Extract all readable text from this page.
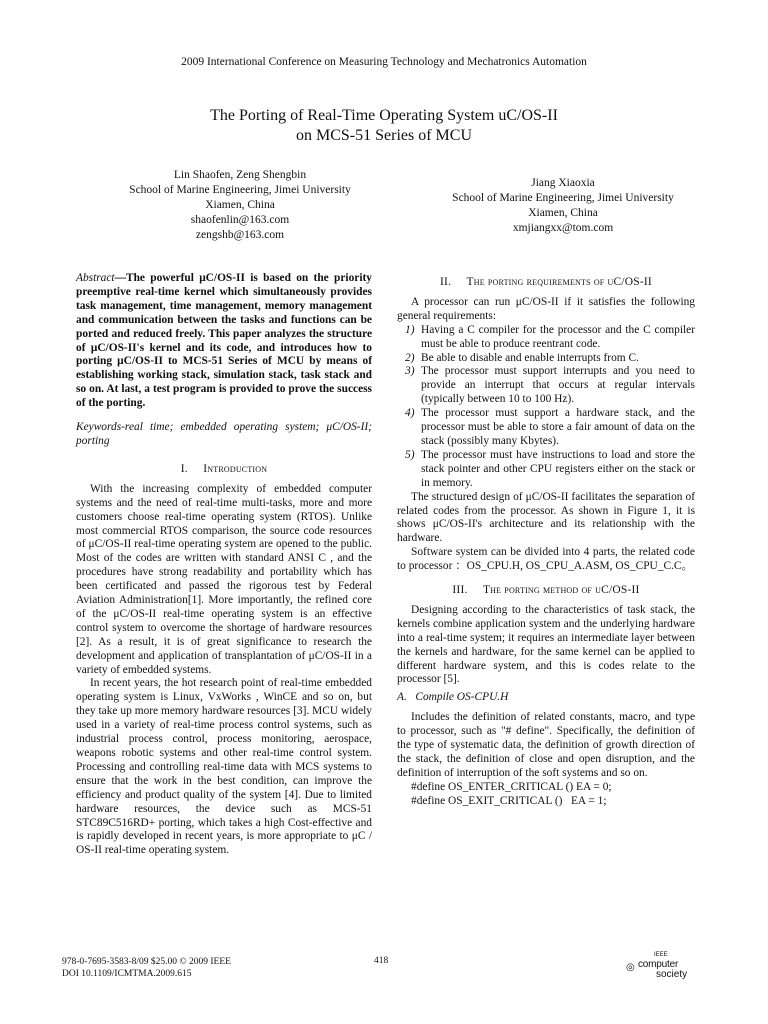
2009 International Conference on Measuring Technology and Mechatronics Automation
The Porting of Real-Time Operating System uC/OS-II
on MCS-51 Series of MCU
Lin Shaofen, Zeng Shengbin
School of Marine Engineering, Jimei University
Xiamen, China
shaofenlin@163.com
zengshb@163.com
Jiang Xiaoxia
School of Marine Engineering, Jimei University
Xiamen, China
xmjiangxx@tom.com

Abstract—The powerful μC/OS-II is based on the priority preemptive real-time kernel which simultaneously provides task management, time management, memory management and communication between the tasks and functions can be ported and reduced freely. This paper analyzes the structure of μC/OS-II's kernel and its code, and introduces how to porting μC/OS-II to MCS-51 Series of MCU by means of establishing working stack, simulation stack, task stack and so on. At last, a test program is provided to prove the success of the porting.

Keywords-real time; embedded operating system; μC/OS-II; porting

I. Introduction

With the increasing complexity of embedded computer systems and the need of real-time multi-tasks, more and more customers choose real-time operating system (RTOS). Unlike most commercial RTOS comparison, the source code resources of μC/OS-II real-time operating system are opened to the public. Most of the codes are written with standard ANSI C , and the procedures have strong readability and portability which has been certificated and passed the rigorous test by Federal Aviation Administration[1]. More importantly, the refined core of the μC/OS-II real-time operating system is an effective control system to overcome the shortage of hardware resources [2]. As a result, it is of great significance to research the development and application of transplantation of μC/OS-II in a variety of embedded systems.

In recent years, the hot research point of real-time embedded operating system is Linux, VxWorks , WinCE and so on, but they take up more memory hardware resources [3]. MCU widely used in a variety of real-time process control systems, such as industrial process control, process monitoring, aerospace, weapons robotic systems and other real-time control system. Processing and controlling real-time data with MCS systems to ensure that the work in the best condition, can improve the efficiency and product quality of the system [4]. Due to limited hardware resources, the device such as MCS-51 STC89C516RD+ porting, which takes a high Cost-effective and is rapidly developed in recent years, is more appropriate to μC / OS-II real-time operating system.

II. The porting requirements of uC/OS-II

A processor can run μC/OS-II if it satisfies the following general requirements:

1) Having a C compiler for the processor and the C compiler must be able to produce reentrant code.
2) Be able to disable and enable interrupts from C.
3) The processor must support interrupts and you need to provide an interrupt that occurs at regular intervals (typically between 10 to 100 Hz).
4) The processor must support a hardware stack, and the processor must be able to store a fair amount of data on the stack (possibly many Kbytes).
5) The processor must have instructions to load and store the stack pointer and other CPU registers either on the stack or in memory.

The structured design of μC/OS-II facilitates the separation of related codes from the processor. As shown in Figure 1, it is shows μC/OS-II's architecture and its relationship with the hardware.

Software system can be divided into 4 parts, the related code to processor ：OS_CPU.H, OS_CPU_A.ASM, OS_CPU_C.C。

III. The porting method of uC/OS-II

Designing according to the characteristics of task stack, the kernels combine application system and the underlying hardware into a real-time system; it requires an intermediate layer between the kernels and hardware, for the same kernel can be applied to different hardware system, and this is codes relate to the processor [5].

A. Compile OS-CPU.H

Includes the definition of related constants, macro, and type to processor, such as "# define". Specifically, the definition of the type of systematic data, the definition of growth direction of the stack, the definition of close and open disruption, and the definition of interruption of the soft systems and so on.

#define OS_ENTER_CRITICAL () EA = 0;
#define OS_EXIT_CRITICAL ()   EA = 1;
978-0-7695-3583-8/09 $25.00 © 2009 IEEE
DOI 10.1109/ICMTMA.2009.615
418
◎
IEEE
computer
society
